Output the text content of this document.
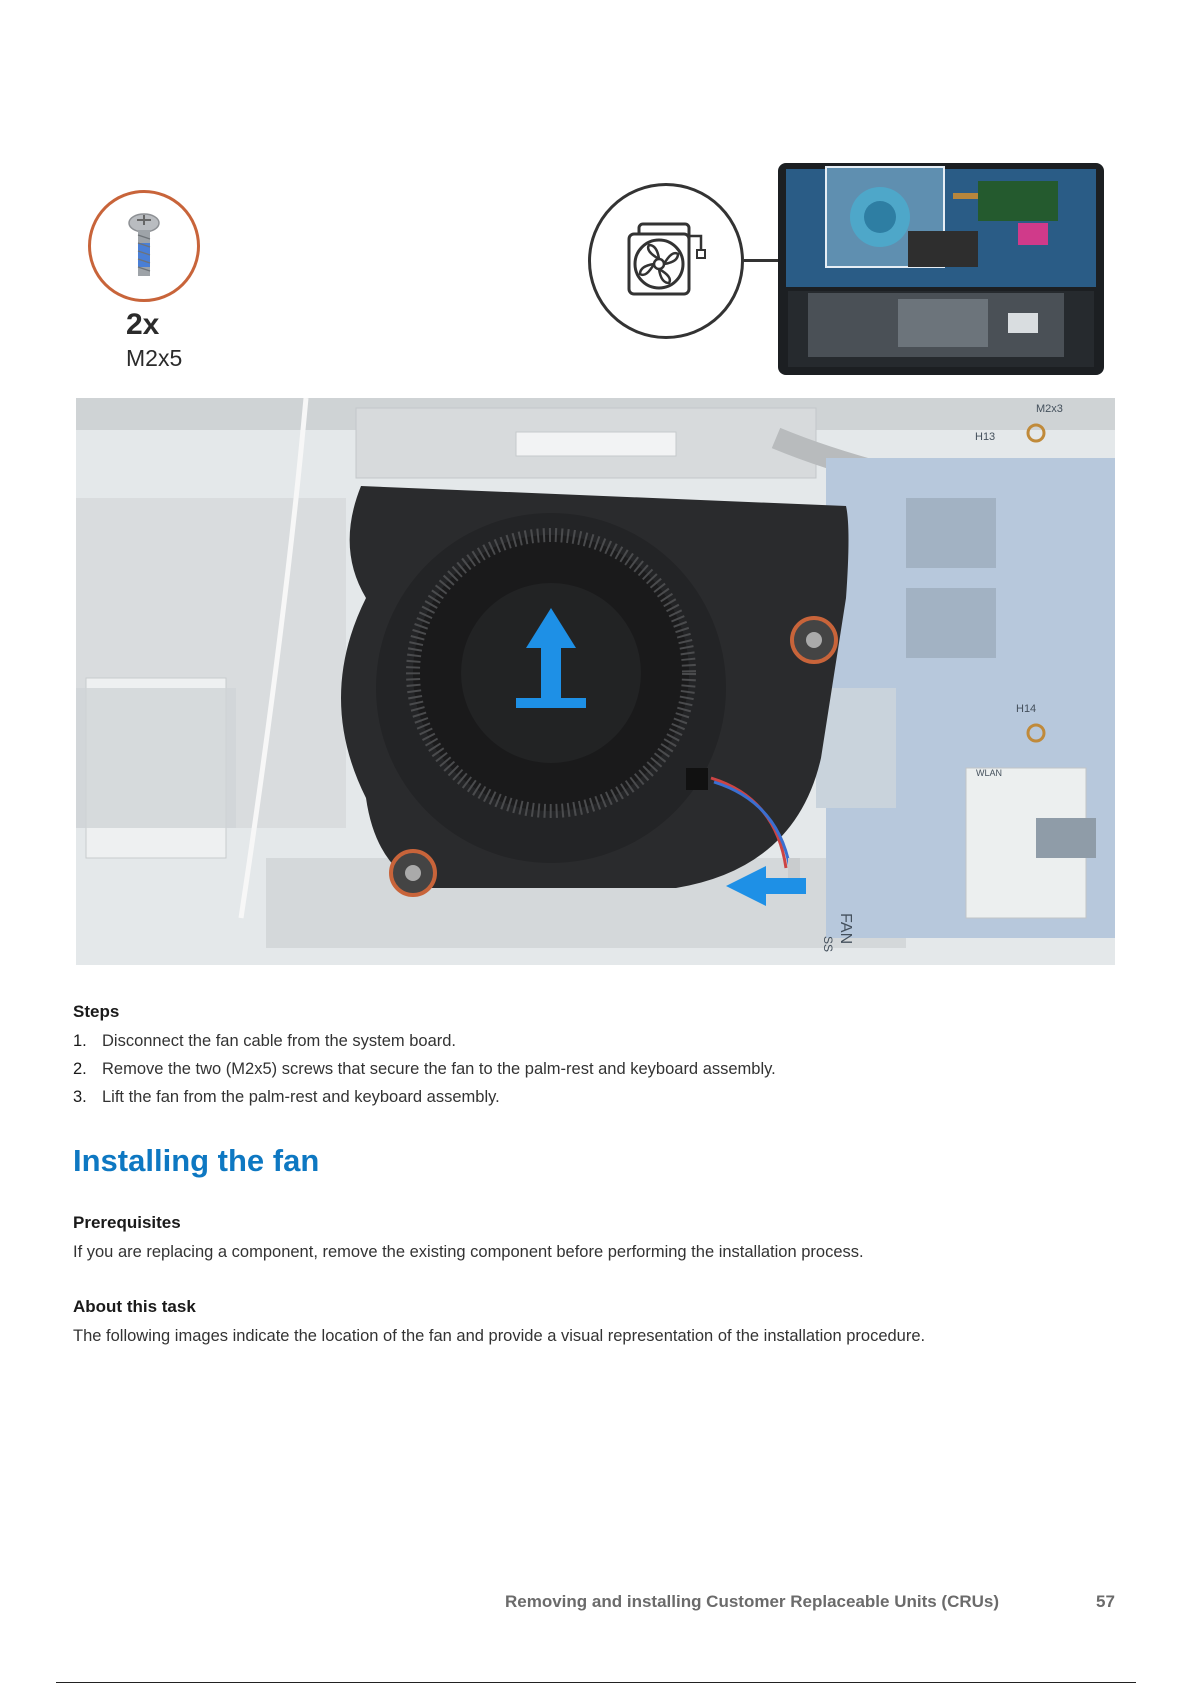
2x
M2x5
H13
M2x3
H14
WLAN
FAN
SS
Steps
1. Disconnect the fan cable from the system board.
2. Remove the two (M2x5) screws that secure the fan to the palm-rest and keyboard assembly.
3. Lift the fan from the palm-rest and keyboard assembly.
Installing the fan
Prerequisites
If you are replacing a component, remove the existing component before performing the installation process.
About this task
The following images indicate the location of the fan and provide a visual representation of the installation procedure.
Removing and installing Customer Replaceable Units (CRUs)	57
